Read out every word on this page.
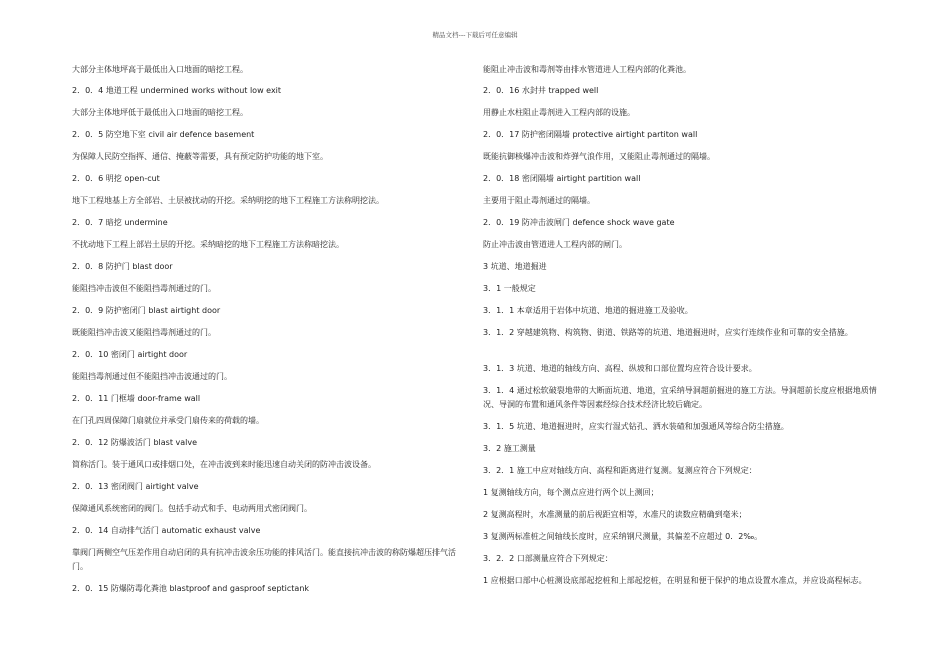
精品文档---下载后可任意编辑
大部分主体地坪高于最低出入口地面的暗挖工程。
2．0．4 地道工程 undermined works without low exit
大部分主体地坪低于最低出入口地面的暗挖工程。
2．0．5 防空地下室 civil air defence basement
为保障人民防空指挥、通信、掩蔽等需要，具有预定防护功能的地下室。
2．0．6 明挖 open-cut
地下工程地基上方全部岩、土层被扰动的开挖。采纳明挖的地下工程施工方法称明挖法。
2．0．7 暗挖 undermine
不扰动地下工程上部岩土层的开挖。采纳暗挖的地下工程施工方法称暗挖法。
2．0．8 防护门 blast door
能阻挡冲击波但不能阻挡毒剂通过的门。
2．0．9 防护密闭门 blast airtight door
既能阻挡冲击波又能阻挡毒剂通过的门。
2．0．10 密闭门 airtight door
能阻挡毒剂通过但不能阻挡冲击波通过的门。
2．0．11 门框墙 door-frame wall
在门孔四周保障门扇就位并承受门扇传来的荷载的墙。
2．0．12 防爆波活门 blast valve
简称活门。装于通风口或排烟口处，在冲击波到来时能迅速自动关闭的防冲击波设备。
2．0．13 密闭阀门 airtight valve
保障通风系统密闭的阀门。包括手动式和手、电动两用式密闭阀门。
2．0．14 自动排气活门 automatic exhaust valve
靠阀门两侧空气压差作用自动启闭的具有抗冲击波余压功能的排风活门。能直接抗冲击波的称防爆超压排气活门。
2．0．15 防爆防毒化粪池 blastproof and gasproof septictank
能阻止冲击波和毒剂等由排水管道进人工程内部的化粪池。
2．0．16 水封井 trapped well
用静止水柱阻止毒剂进入工程内部的设施。
2．0．17 防护密闭隔墙 protective airtight partiton wall
既能抗御核爆冲击波和炸弹气浪作用，又能阻止毒剂通过的隔墙。
2．0．18 密闭隔墙 airtight partition wall
主要用于阻止毒剂通过的隔墙。
2．0．19 防冲击波闸门 defence shock wave gate
防止冲击波由管道进人工程内部的闸门。
3 坑道、地道掘进
3．1 一般规定
3．1．1 本章适用于岩体中坑道、地道的掘进施工及验收。
3．1．2 穿越建筑物、构筑物、街道、铁路等的坑道、地道掘进时，应实行连续作业和可靠的安全措施。
3．1．3 坑道、地道的轴线方向、高程、纵坡和口部位置均应符合设计要求。
3．1．4 通过松软破裂地带的大断面坑道、地道，宜采纳导洞超前掘进的施工方法。导洞超前长度应根据地质情况、导洞的布置和通风条件等因素经综合技术经济比较后确定。
3．1．5 坑道、地道掘进时，应实行湿式钻孔、洒水装碴和加强通风等综合防尘措施。
3．2 施工测量
3．2．1 施工中应对轴线方向、高程和距离进行复测。复测应符合下列规定：
1 复测轴线方向，每个测点应进行两个以上测回；
2 复测高程时，水准测量的前后视距宜相等，水准尺的读数应精确到毫米；
3 复测两标准桩之间轴线长度时，应采纳钢尺测量，其偏差不应超过 0．2‰。
3．2．2 口部测量应符合下列规定：
1 应根据口部中心桩测设底部起挖桩和上部起挖桩，在明显和便于保护的地点设置水准点，并应设高程标志。
